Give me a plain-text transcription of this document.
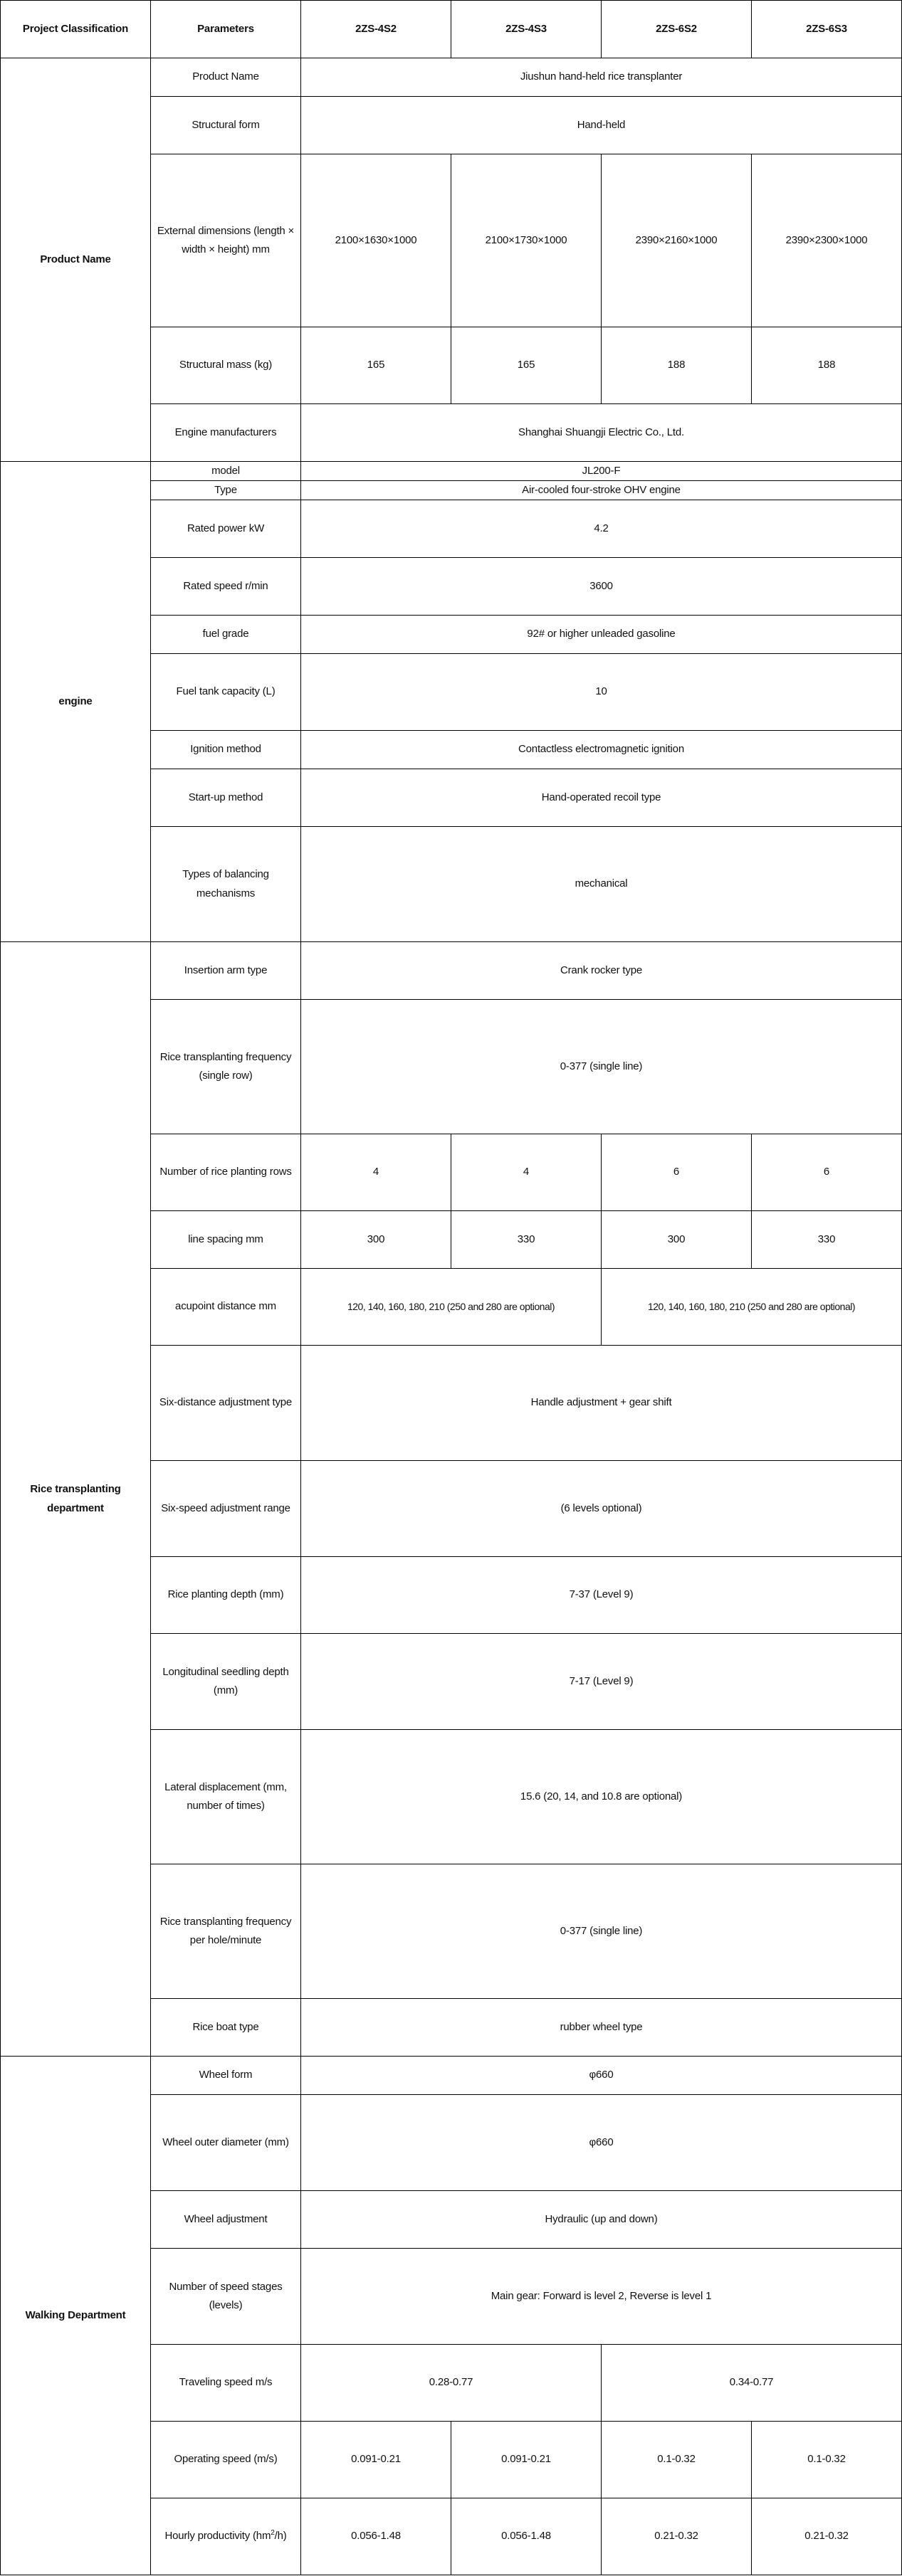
Project Classification	Parameters	2ZS-4S2	2ZS-4S3	2ZS-6S2	2ZS-6S3
Product Name	Product Name	Jiushun hand-held rice transplanter			
	Structural form	Hand-held			
	External dimensions (length × width × height) mm	2100×1630×1000	2100×1730×1000	2390×2160×1000	2390×2300×1000
	Structural mass (kg)	165	165	188	188
	Engine manufacturers	Shanghai Shuangji Electric Co., Ltd.			
engine	model	JL200-F			
	Type	Air-cooled four-stroke OHV engine			
	Rated power kW	4.2			
	Rated speed r/min	3600			
	fuel grade	92# or higher unleaded gasoline			
	Fuel tank capacity (L)	10			
	Ignition method	Contactless electromagnetic ignition			
	Start-up method	Hand-operated recoil type			
	Types of balancing mechanisms	mechanical			
Rice transplanting department	Insertion arm type	Crank rocker type			
	Rice transplanting frequency (single row)	0-377 (single line)			
	Number of rice planting rows	4	4	6	6
	line spacing mm	300	330	300	330
	acupoint distance mm	120, 140, 160, 180, 210 (250 and 280 are optional)		120, 140, 160, 180, 210 (250 and 280 are optional)	
	Six-distance adjustment type	Handle adjustment + gear shift			
	Six-speed adjustment range	(6 levels optional)			
	Rice planting depth (mm)	7-37 (Level 9)			
	Longitudinal seedling depth (mm)	7-17 (Level 9)			
	Lateral displacement (mm, number of times)	15.6 (20, 14, and 10.8 are optional)			
	Rice transplanting frequency per hole/minute	0-377 (single line)			
	Rice boat type	rubber wheel type			
Walking Department	Wheel form	φ660			
	Wheel outer diameter (mm)	φ660			
	Wheel adjustment	Hydraulic (up and down)			
	Number of speed stages (levels)	Main gear: Forward is level 2, Reverse is level 1			
	Traveling speed m/s	0.28-0.77		0.34-0.77	
	Operating speed (m/s)	0.091-0.21	0.091-0.21	0.1-0.32	0.1-0.32
	Hourly productivity $(hm^2/h)$	0.056-1.48	0.056-1.48	0.21-0.32	0.21-0.32
